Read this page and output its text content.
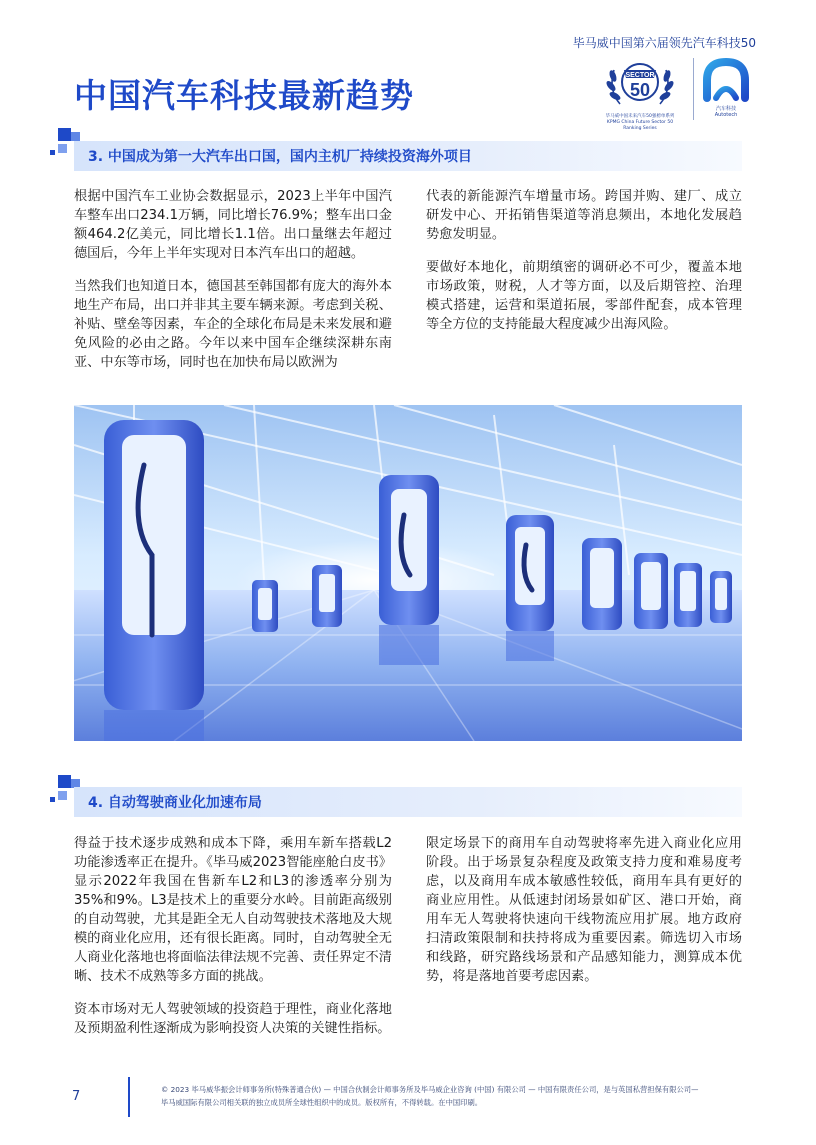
毕马威中国第六届领先汽车科技50
中国汽车科技最新趋势
SECTOR
50
毕马威中国未来汽车50强榜单系列
KPMG China Future Sector 50 Ranking Series
汽车科技
Autotech
3. 中国成为第一大汽车出口国，国内主机厂持续投资海外项目

根据中国汽车工业协会数据显示，2023上半年中国汽车整车出口234.1万辆，同比增长76.9%；整车出口金额464.2亿美元，同比增长1.1倍。出口量继去年超过德国后，今年上半年实现对日本汽车出口的超越。

当然我们也知道日本，德国甚至韩国都有庞大的海外本地生产布局，出口并非其主要车辆来源。考虑到关税、补贴、壁垒等因素，车企的全球化布局是未来发展和避免风险的必由之路。今年以来中国车企继续深耕东南亚、中东等市场，同时也在加快布局以欧洲为

代表的新能源汽车增量市场。跨国并购、建厂、成立研发中心、开拓销售渠道等消息频出，本地化发展趋势愈发明显。

要做好本地化，前期缜密的调研必不可少，覆盖本地市场政策，财税，人才等方面，以及后期管控、治理模式搭建，运营和渠道拓展，零部件配套，成本管理等全方位的支持能最大程度减少出海风险。

4. 自动驾驶商业化加速布局

得益于技术逐步成熟和成本下降，乘用车新车搭载L2功能渗透率正在提升。《毕马威2023智能座舱白皮书》显示2022年我国在售新车L2和L3的渗透率分别为35%和9%。L3是技术上的重要分水岭。目前距高级别的自动驾驶，尤其是距全无人自动驾驶技术落地及大规模的商业化应用，还有很长距离。同时，自动驾驶全无人商业化落地也将面临法律法规不完善、责任界定不清晰、技术不成熟等多方面的挑战。

资本市场对无人驾驶领域的投资趋于理性，商业化落地及预期盈利性逐渐成为影响投资人决策的关键性指标。

限定场景下的商用车自动驾驶将率先进入商业化应用阶段。出于场景复杂程度及政策支持力度和难易度考虑，以及商用车成本敏感性较低，商用车具有更好的商业应用性。从低速封闭场景如矿区、港口开始，商用车无人驾驶将快速向干线物流应用扩展。地方政府扫清政策限制和扶持将成为重要因素。筛选切入市场和线路，研究路线场景和产品感知能力，测算成本优势，将是落地首要考虑因素。

7	© 2023 毕马威华振会计师事务所(特殊普通合伙) — 中国合伙制会计师事务所及毕马威企业咨询 (中国) 有限公司 — 中国有限责任公司，是与英国私营担保有限公司—
毕马威国际有限公司相关联的独立成员所全球性组织中的成员。版权所有，不得转载。在中国印刷。
